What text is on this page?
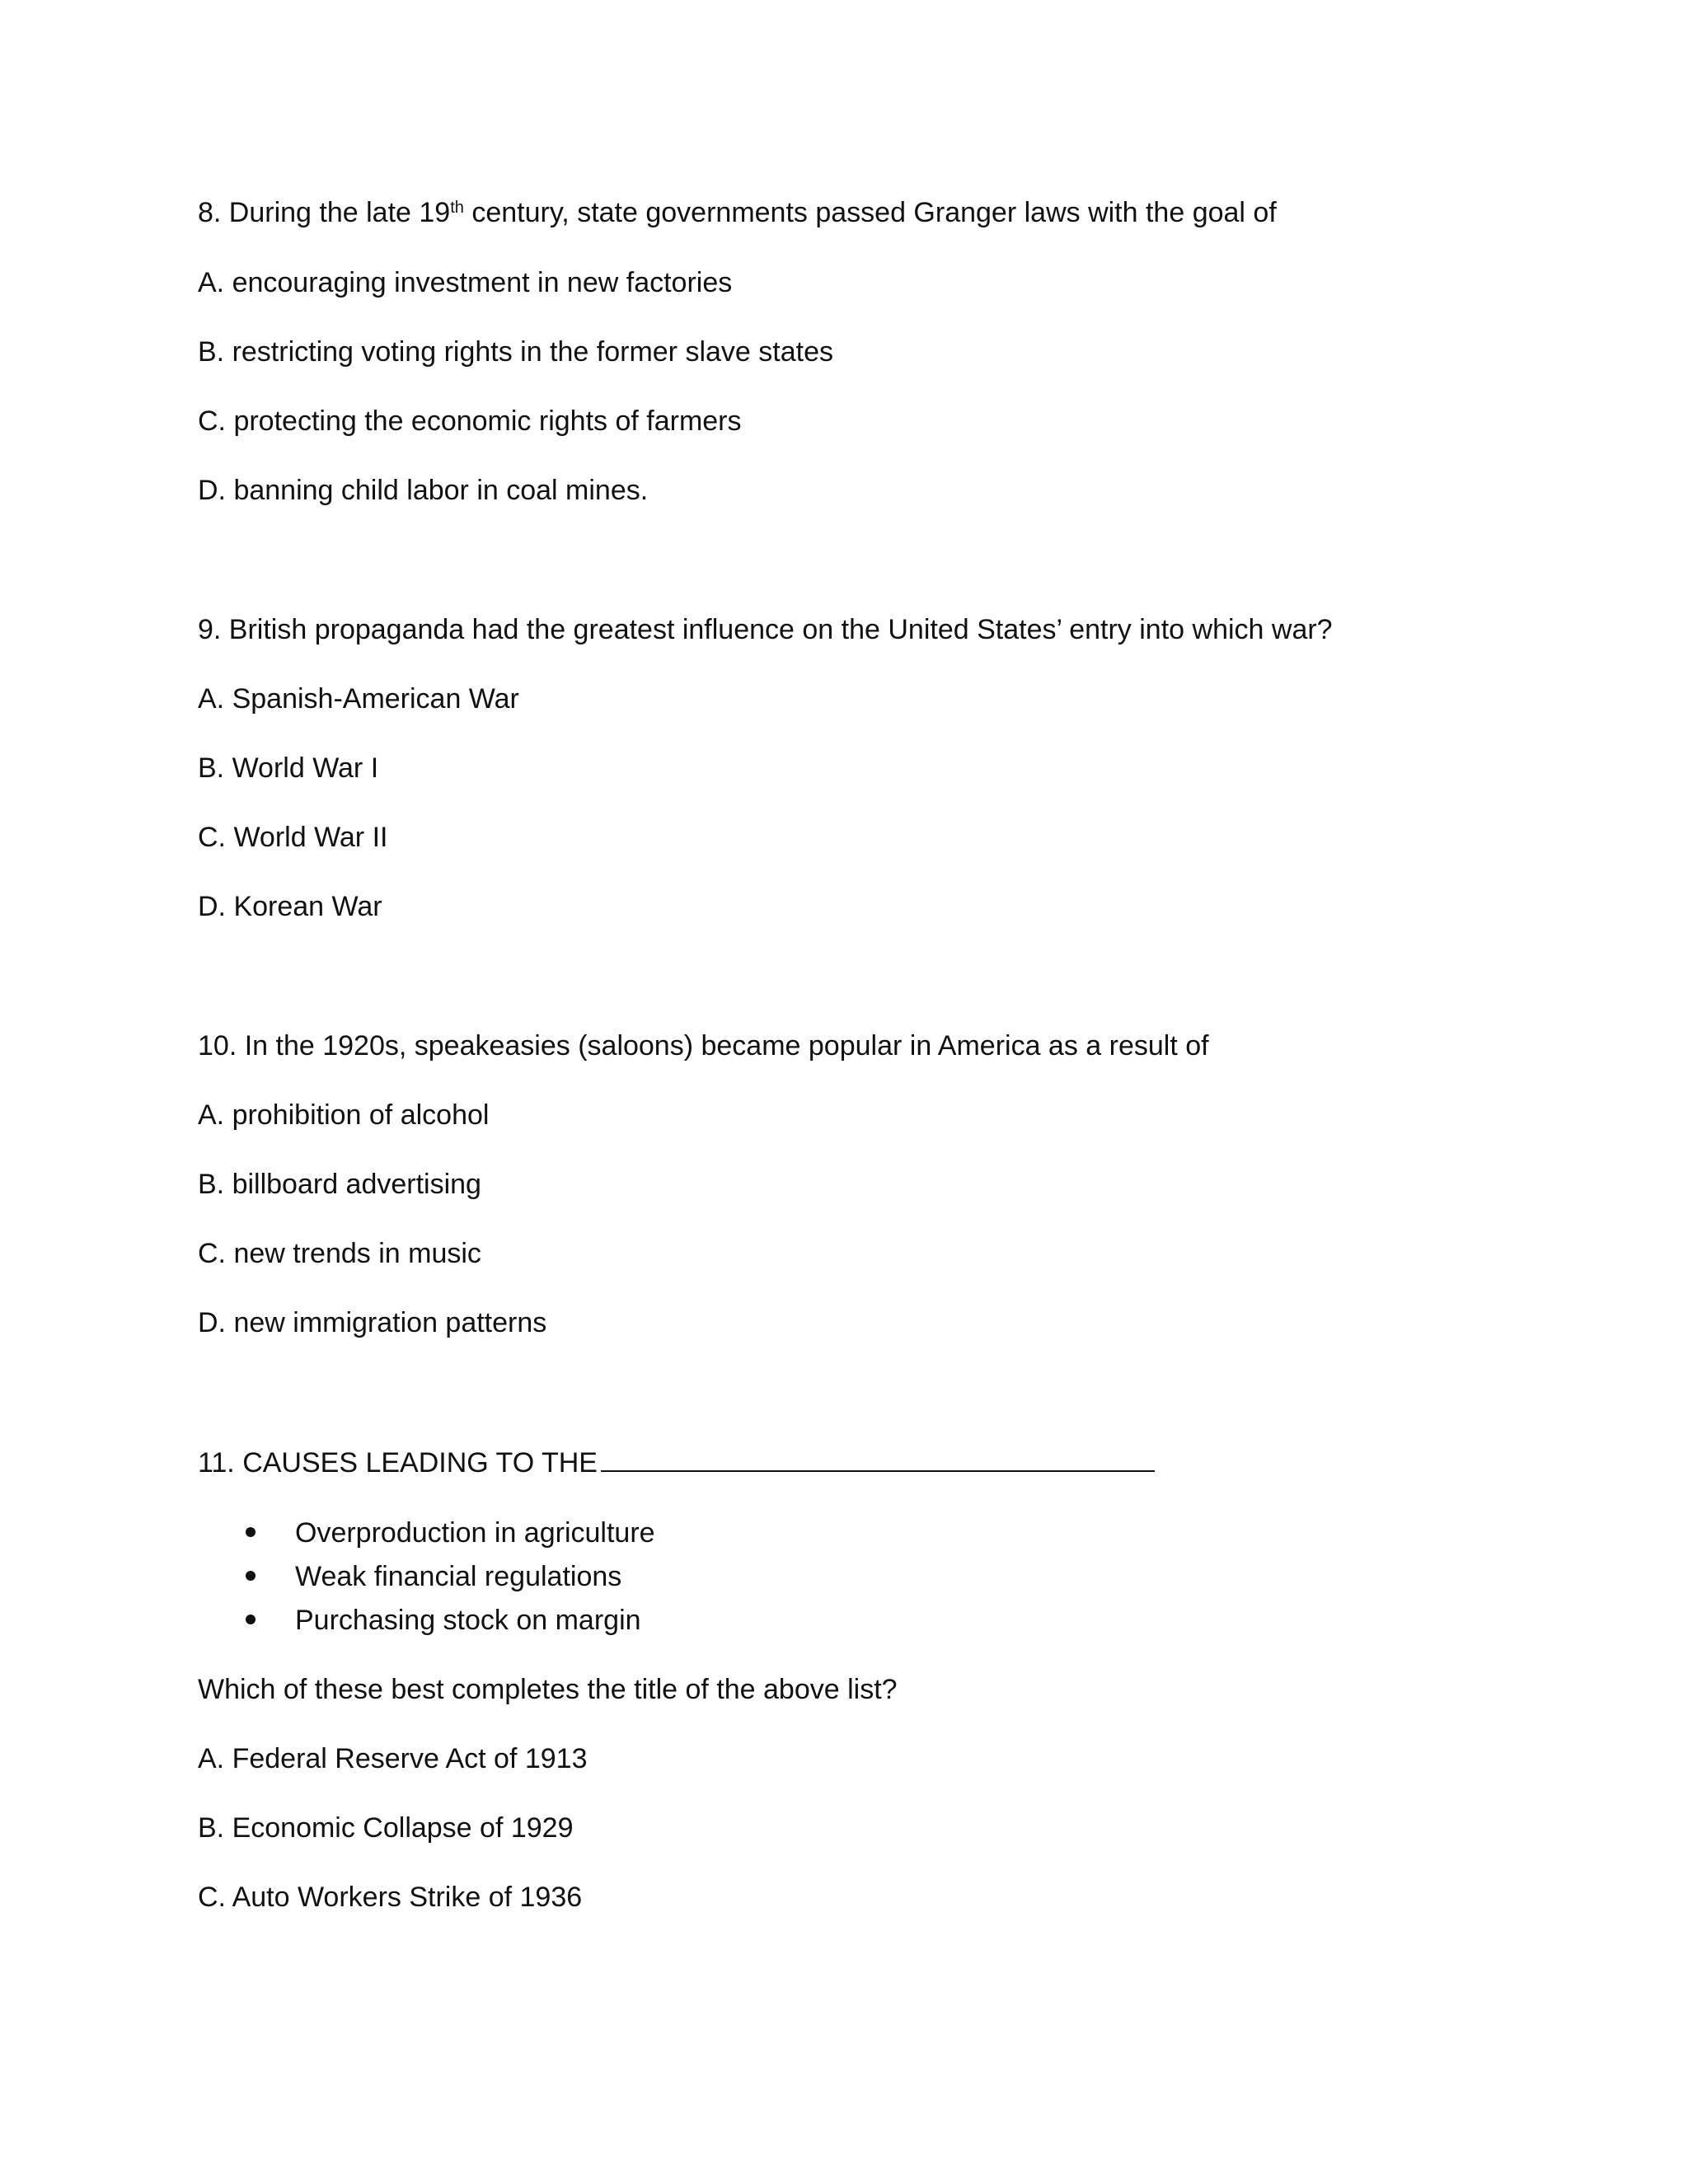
8. During the late 19th century, state governments passed Granger laws with the goal of
A. encouraging investment in new factories
B. restricting voting rights in the former slave states
C. protecting the economic rights of farmers
D. banning child labor in coal mines.
9. British propaganda had the greatest influence on the United States’ entry into which war?
A. Spanish-American War
B. World War I
C. World War II
D. Korean War
10. In the 1920s, speakeasies (saloons) became popular in America as a result of
A. prohibition of alcohol
B. billboard advertising
C. new trends in music
D. new immigration patterns
11. CAUSES LEADING TO THE
Overproduction in agriculture
Weak financial regulations
Purchasing stock on margin
Which of these best completes the title of the above list?
A. Federal Reserve Act of 1913
B. Economic Collapse of 1929
C. Auto Workers Strike of 1936
